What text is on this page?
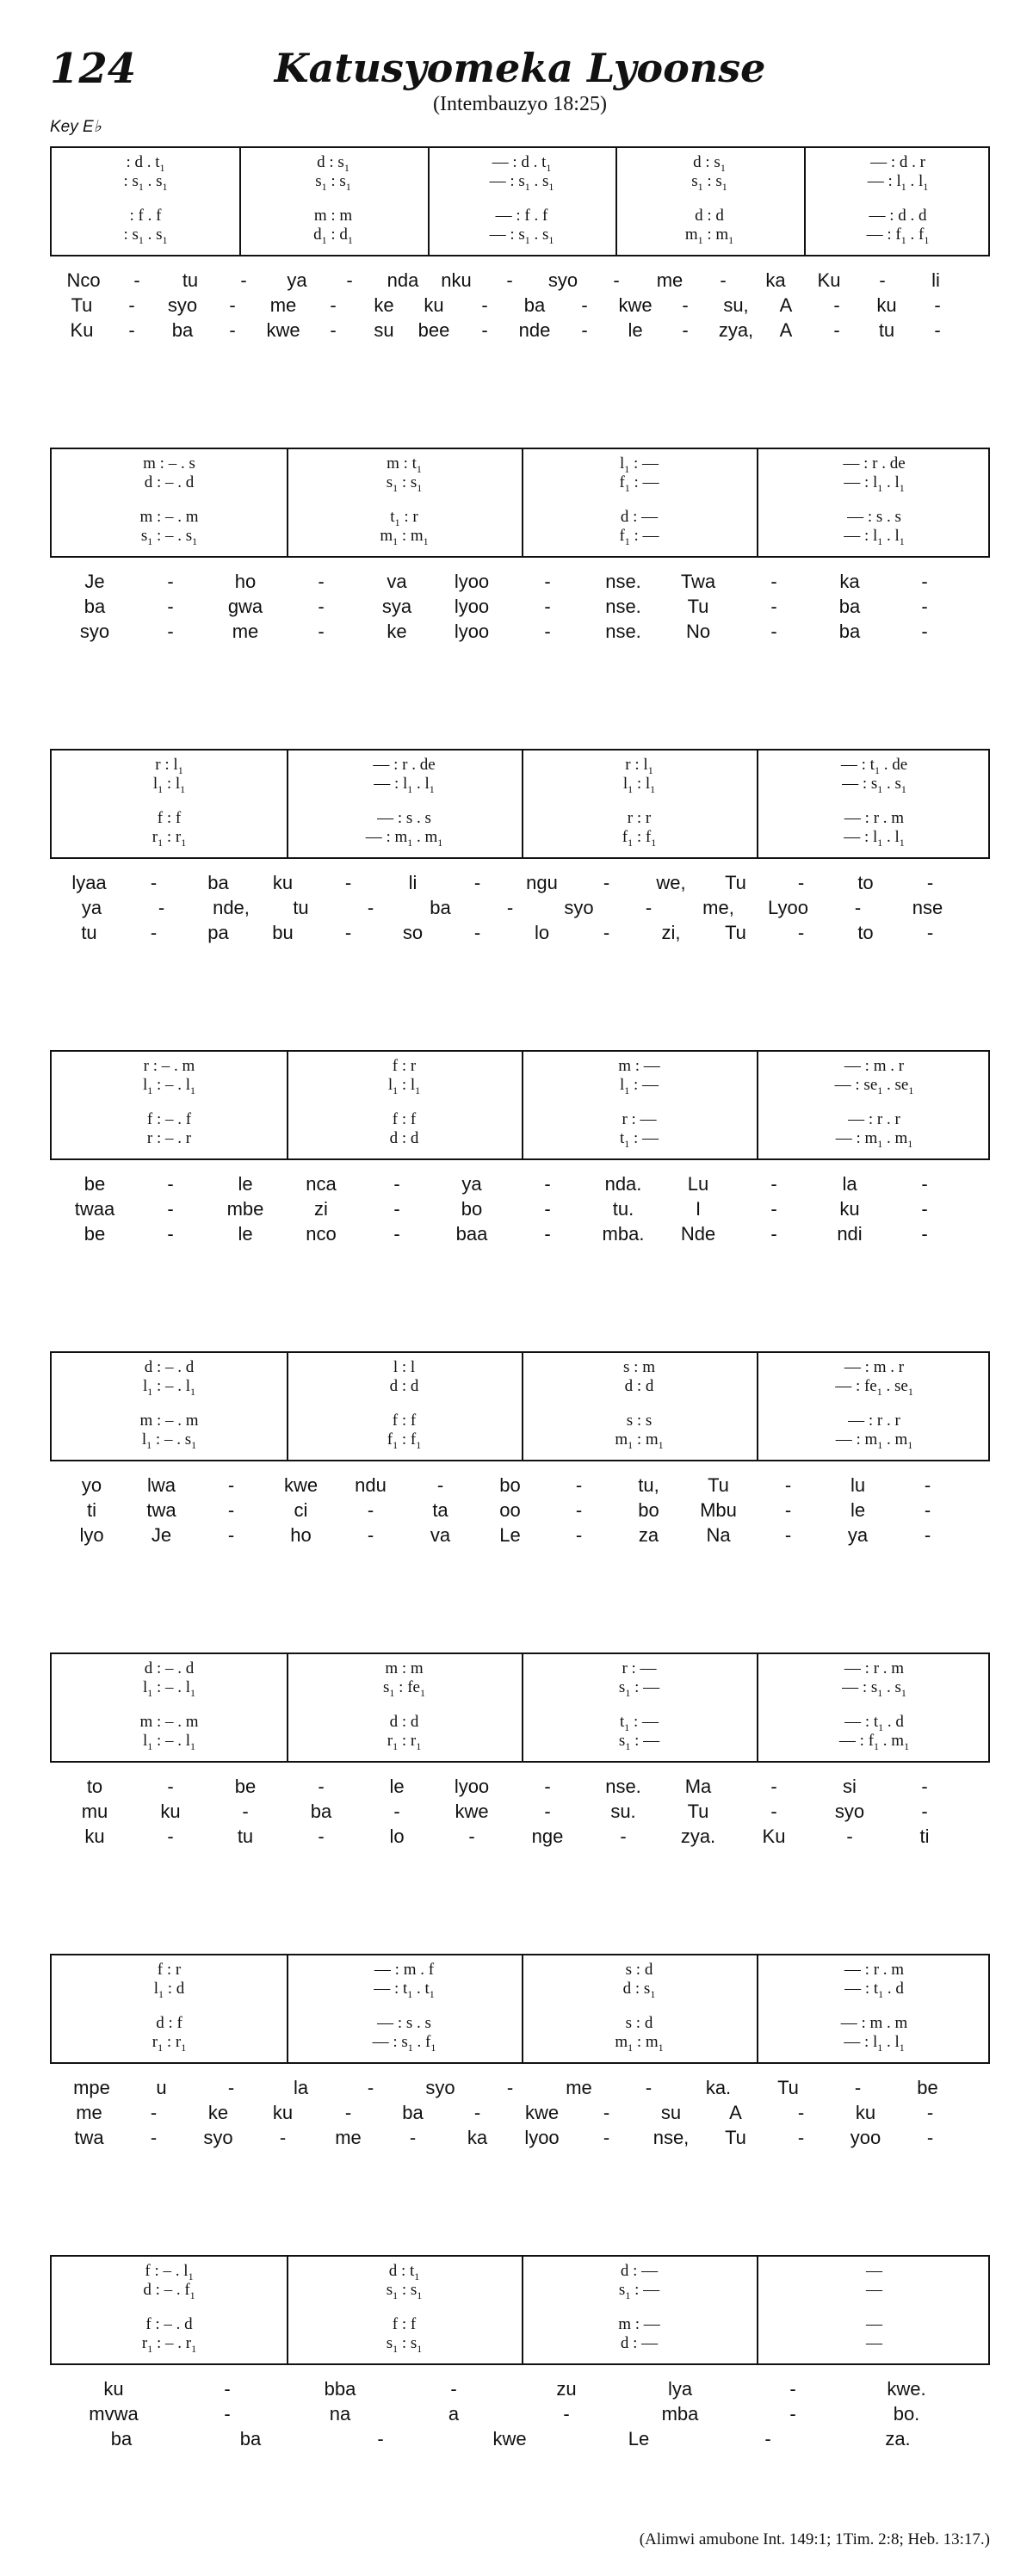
124	Katusyomeka Lyoonse
(Intembauzyo 18:25)
Key E♭
: d . $t_1$
: $s_1$ . $s_1$
: f . f
: $s_1$ . $s_1$
d : $s_1$
$s_1$ : $s_1$
m : m
$d_1$ : $d_1$
— : d . $t_1$
— : $s_1$ . $s_1$
— : f . f
— : $s_1$ . $s_1$
d : $s_1$
$s_1$ : $s_1$
d : d
$m_1$ : $m_1$
— : d . r
— : $l_1$ . $l_1$
— : d . d
— : $f_1$ . $f_1$
Nco	-	tu	-	ya	-	nda	nku	-	syo	-	me	-	ka	Ku	-	li
Tu	-	syo	-	me	-	ke	ku	-	ba	-	kwe	-	su,	A	-	ku	-
Ku	-	ba	-	kwe	-	su	bee	-	nde	-	le	-	zya,	A	-	tu	-
m : – . s
d : – . d
m : – . m
$s_1$ : – . $s_1$
m : $t_1$
$s_1$ : $s_1$
$t_1$ : r
$m_1$ : $m_1$
$l_1$ : —
$f_1$ : —
d : —
$f_1$ : —
— : r . de
— : $l_1$ . $l_1$
— : s . s
— : $l_1$ . $l_1$
Je	-	ho	-	va	lyoo	-	nse.	Twa	-	ka	-
ba	-	gwa	-	sya	lyoo	-	nse.	Tu	-	ba	-
syo	-	me	-	ke	lyoo	-	nse.	No	-	ba	-
r : $l_1$
$l_1$ : $l_1$
f : f
$r_1$ : $r_1$
— : r . de
— : $l_1$ . $l_1$
— : s . s
— : $m_1$ . $m_1$
r : $l_1$
$l_1$ : $l_1$
r : r
$f_1$ : $f_1$
— : $t_1$ . de
— : $s_1$ . $s_1$
— : r . m
— : $l_1$ . $l_1$
lyaa	-	ba	ku	-	li	-	ngu	-	we,	Tu	-	to	-
ya	-	nde,	tu	-	ba	-	syo	-	me,	Lyoo	-	nse
tu	-	pa	bu	-	so	-	lo	-	zi,	Tu	-	to	-
r : – . m
$l_1$ : – . $l_1$
f : – . f
r : – . r
f : r
$l_1$ : $l_1$
f : f
d : d
m : —
$l_1$ : —
r : —
$t_1$ : —
— : m . r
— : $se_1$ . $se_1$
— : r . r
— : $m_1$ . $m_1$
be	-	le	nca	-	ya	-	nda.	Lu	-	la	-
twaa	-	mbe	zi	-	bo	-	tu.	I	-	ku	-
be	-	le	nco	-	baa	-	mba.	Nde	-	ndi	-
d : – . d
$l_1$ : – . $l_1$
m : – . m
$l_1$ : – . $s_1$
l : l
d : d
f : f
$f_1$ : $f_1$
s : m
d : d
s : s
$m_1$ : $m_1$
— : m . r
— : $fe_1$ . $se_1$
— : r . r
— : $m_1$ . $m_1$
yo	lwa	-	kwe	ndu	-	bo	-	tu,	Tu	-	lu	-
ti	twa	-	ci	-	ta	oo	-	bo	Mbu	-	le	-
lyo	Je	-	ho	-	va	Le	-	za	Na	-	ya	-
d : – . d
$l_1$ : – . $l_1$
m : – . m
$l_1$ : – . $l_1$
m : m
$s_1$ : $fe_1$
d : d
$r_1$ : $r_1$
r : —
$s_1$ : —
$t_1$ : —
$s_1$ : —
— : r . m
— : $s_1$ . $s_1$
— : $t_1$ . d
— : $f_1$ . $m_1$
to	-	be	-	le	lyoo	-	nse.	Ma	-	si	-
mu	ku	-	ba	-	kwe	-	su.	Tu	-	syo	-
ku	-	tu	-	lo	-	nge	-	zya.	Ku	-	ti
f : r
$l_1$ : d
d : f
$r_1$ : $r_1$
— : m . f
— : $t_1$ . $t_1$
— : s . s
— : $s_1$ . $f_1$
s : d
d : $s_1$
s : d
$m_1$ : $m_1$
— : r . m
— : $t_1$ . d
— : m . m
— : $l_1$ . $l_1$
mpe	u	-	la	-	syo	-	me	-	ka.	Tu	-	be
me	-	ke	ku	-	ba	-	kwe	-	su	A	-	ku	-
twa	-	syo	-	me	-	ka	lyoo	-	nse,	Tu	-	yoo	-
f : – . $l_1$
d : – . $f_1$
f : – . d
$r_1$ : – . $r_1$
d : $t_1$
$s_1$ : $s_1$
f : f
$s_1$ : $s_1$
d : —
$s_1$ : —
m : —
d : —
—
—
—
—
ku	-	bba	-	zu	lya	-	kwe.
mvwa	-	na	a	-	mba	-	bo.
ba	ba	-	kwe	Le	-	za.
(Alimwi amubone Int. 149:1; 1Tim. 2:8; Heb. 13:17.)
